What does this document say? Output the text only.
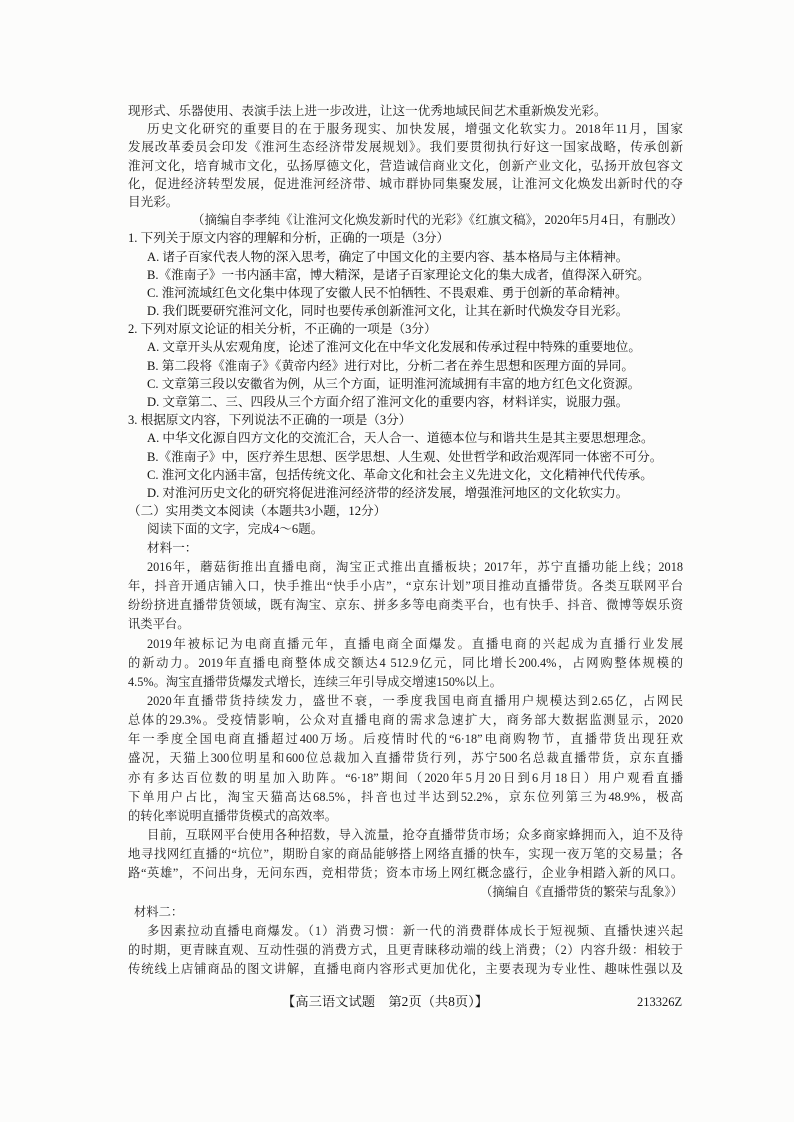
现形式、乐器使用、表演手法上进一步改进，让这一优秀地域民间艺术重新焕发光彩。
历史文化研究的重要目的在于服务现实、加快发展，增强文化软实力。2018年11月，国家
发展改革委员会印发《淮河生态经济带发展规划》。我们要贯彻执行好这一国家战略，传承创新
淮河文化，培育城市文化，弘扬厚德文化，营造诚信商业文化，创新产业文化，弘扬开放包容文
化，促进经济转型发展，促进淮河经济带、城市群协同集聚发展，让淮河文化焕发出新时代的夺
目光彩。
（摘编自李孝纯《让淮河文化焕发新时代的光彩》《红旗文稿》，2020年5月4日，有删改）
1. 下列关于原文内容的理解和分析，正确的一项是（3分）
A. 诸子百家代表人物的深入思考，确定了中国文化的主要内容、基本格局与主体精神。
B.《淮南子》一书内涵丰富，博大精深，是诸子百家理论文化的集大成者，值得深入研究。
C. 淮河流域红色文化集中体现了安徽人民不怕牺牲、不畏艰难、勇于创新的革命精神。
D. 我们既要研究淮河文化，同时也要传承创新淮河文化，让其在新时代焕发夺目光彩。
2. 下列对原文论证的相关分析，不正确的一项是（3分）
A. 文章开头从宏观角度，论述了淮河文化在中华文化发展和传承过程中特殊的重要地位。
B. 第二段将《淮南子》《黄帝内经》进行对比，分析二者在养生思想和医理方面的异同。
C. 文章第三段以安徽省为例，从三个方面，证明淮河流域拥有丰富的地方红色文化资源。
D. 文章第二、三、四段从三个方面介绍了淮河文化的重要内容，材料详实，说服力强。
3. 根据原文内容，下列说法不正确的一项是（3分）
A. 中华文化源自四方文化的交流汇合，天人合一、道德本位与和谐共生是其主要思想理念。
B.《淮南子》中，医疗养生思想、医学思想、人生观、处世哲学和政治观浑同一体密不可分。
C. 淮河文化内涵丰富，包括传统文化、革命文化和社会主义先进文化，文化精神代代传承。
D. 对淮河历史文化的研究将促进淮河经济带的经济发展，增强淮河地区的文化软实力。
（二）实用类文本阅读（本题共3小题，12分）
阅读下面的文字，完成4～6题。
材料一：
2016年，蘑菇街推出直播电商，淘宝正式推出直播板块；2017年，苏宁直播功能上线；2018
年，抖音开通店铺入口，快手推出“快手小店”，“京东计划”项目推动直播带货。各类互联网平台
纷纷挤进直播带货领域，既有淘宝、京东、拼多多等电商类平台，也有快手、抖音、微博等娱乐资
讯类平台。
2019年被标记为电商直播元年，直播电商全面爆发。直播电商的兴起成为直播行业发展
的新动力。2019年直播电商整体成交额达4 512.9亿元，同比增长200.4%，占网购整体规模的
4.5%。淘宝直播带货爆发式增长，连续三年引导成交增速150%以上。
2020年直播带货持续发力，盛世不衰，一季度我国电商直播用户规模达到2.65亿，占网民
总体的29.3%。受疫情影响，公众对直播电商的需求急速扩大，商务部大数据监测显示，2020
年一季度全国电商直播超过400万场。后疫情时代的“6·18”电商购物节，直播带货出现狂欢
盛况，天猫上300位明星和600位总裁加入直播带货行列，苏宁500名总裁直播带货，京东直播
亦有多达百位数的明星加入助阵。“6·18”期间（2020年5月20日到6月18日）用户观看直播
下单用户占比，淘宝天猫高达68.5%，抖音也过半达到52.2%，京东位列第三为48.9%，极高
的转化率说明直播带货模式的高效率。
目前，互联网平台使用各种招数，导入流量，抢夺直播带货市场；众多商家蜂拥而入，迫不及待
地寻找网红直播的“坑位”，期盼自家的商品能够搭上网络直播的快车，实现一夜万笔的交易量；各
路“英雄”，不问出身，无问东西，竞相带货；资本市场上网红概念盛行，企业争相踏入新的风口。
（摘编自《直播带货的繁荣与乱象》）
材料二：
多因素拉动直播电商爆发。（1）消费习惯：新一代的消费群体成长于短视频、直播快速兴起
的时期，更青睐直观、互动性强的消费方式，且更青睐移动端的线上消费；（2）内容升级：相较于
传统线上店铺商品的图文讲解，直播电商内容形式更加优化，主要表现为专业性、趣味性强以及
【高三语文试题　第2页（共8页）】	213326Z
